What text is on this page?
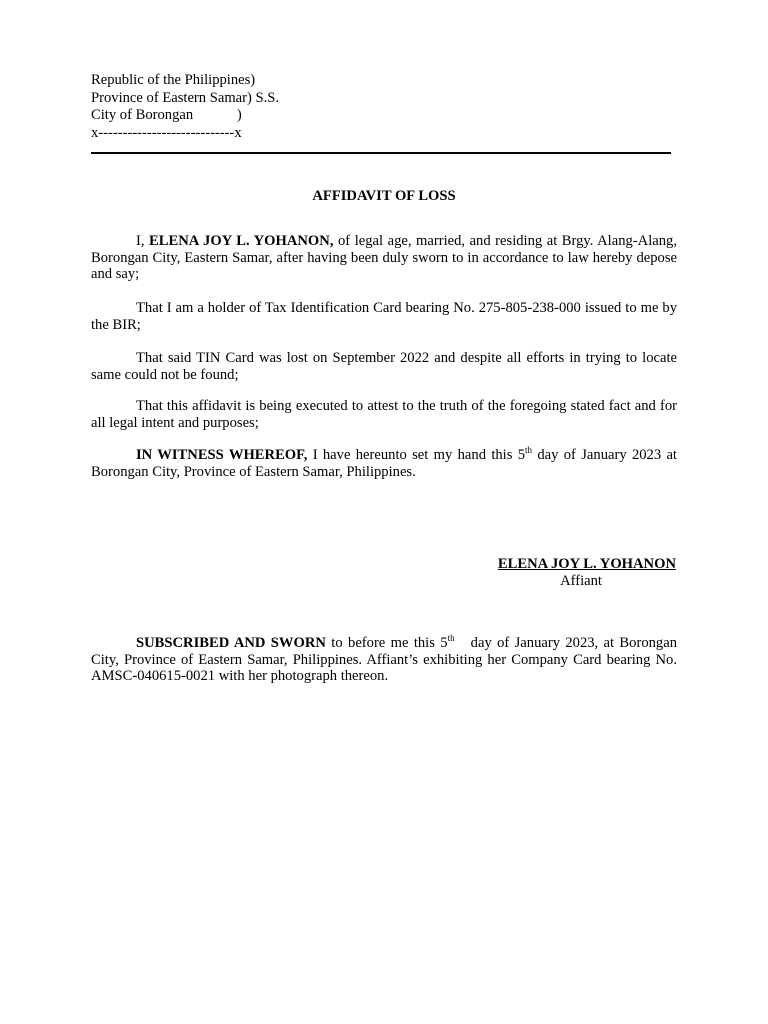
Republic of the Philippines)
Province of Eastern Samar) S.S.
City of Borongan            )
x----------------------------x
AFFIDAVIT OF LOSS
I, ELENA JOY L. YOHANON, of legal age, married, and residing at Brgy. Alang-Alang, Borongan City, Eastern Samar, after having been duly sworn to in accordance to law hereby depose and say;
That I am a holder of Tax Identification Card bearing No. 275-805-238-000 issued to me by the BIR;
That said TIN Card was lost on September 2022 and despite all efforts in trying to locate same could not be found;
That this affidavit is being executed to attest to the truth of the foregoing stated fact and for all legal intent and purposes;
IN WITNESS WHEREOF, I have hereunto set my hand this 5th day of January 2023 at Borongan City, Province of Eastern Samar, Philippines.
ELENA JOY L. YOHANON
Affiant
SUBSCRIBED AND SWORN to before me this 5th   day of January 2023, at Borongan City, Province of Eastern Samar, Philippines. Affiant’s exhibiting her Company Card bearing No. AMSC-040615-0021 with her photograph thereon.
